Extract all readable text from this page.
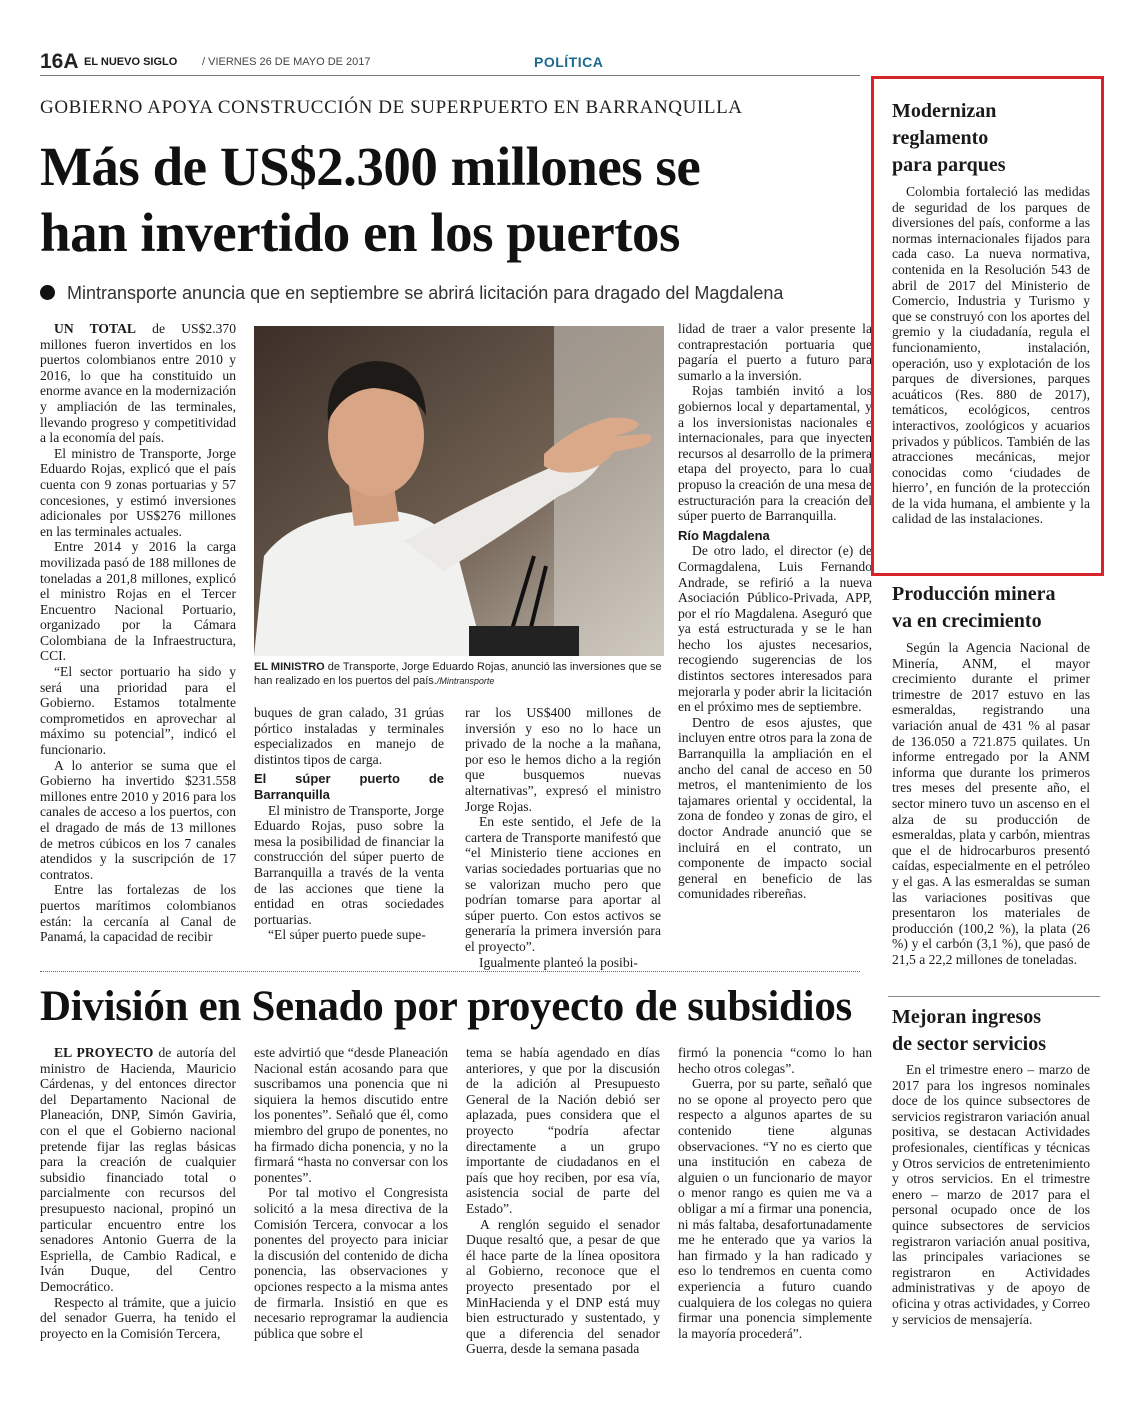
16A EL NUEVO SIGLO / VIERNES 26 DE MAYO DE 2017	POLÍTICA
GOBIERNO APOYA CONSTRUCCIÓN DE SUPERPUERTO EN BARRANQUILLA
Más de US$2.300 millones se
han invertido en los puertos
Mintransporte anuncia que en septiembre se abrirá licitación para dragado del Magdalena

UN TOTAL de US$2.370 millones fueron invertidos en los puertos colombianos entre 2010 y 2016, lo que ha constituido un enorme avance en la modernización y ampliación de las terminales, llevando progreso y competitividad a la economía del país.

El ministro de Transporte, Jorge Eduardo Rojas, explicó que el país cuenta con 9 zonas portuarias y 57 concesiones, y estimó inversiones adicionales por US$276 millones en las terminales actuales.

Entre 2014 y 2016 la carga movilizada pasó de 188 millones de toneladas a 201,8 millones, explicó el ministro Rojas en el Tercer Encuentro Nacional Portuario, organizado por la Cámara Colombiana de la Infraestructura, CCI.

“El sector portuario ha sido y será una prioridad para el Gobierno. Estamos totalmente comprometidos en aprovechar al máximo su potencial”, indicó el funcionario.

A lo anterior se suma que el Gobierno ha invertido $231.558 millones entre 2010 y 2016 para los canales de acceso a los puertos, con el dragado de más de 13 millones de metros cúbicos en los 7 canales atendidos y la suscripción de 17 contratos.

Entre las fortalezas de los puertos marítimos colombianos están: la cercanía al Canal de Panamá, la capacidad de recibir

EL MINISTRO de Transporte, Jorge Eduardo Rojas, anunció las inversiones que se han realizado en los puertos del país./Mintransporte

buques de gran calado, 31 grúas pórtico instaladas y terminales especializados en manejo de distintos tipos de carga.

El súper puerto de Barranquilla

El ministro de Transporte, Jorge Eduardo Rojas, puso sobre la mesa la posibilidad de financiar la construcción del súper puerto de Barranquilla a través de la venta de las acciones que tiene la entidad en otras sociedades portuarias.

“El súper puerto puede supe-

rar los US$400 millones de inversión y eso no lo hace un privado de la noche a la mañana, por eso le hemos dicho a la región que busquemos nuevas alternativas”, expresó el ministro Jorge Rojas.

En este sentido, el Jefe de la cartera de Transporte manifestó que “el Ministerio tiene acciones en varias sociedades portuarias que no se valorizan mucho pero que podrían tomarse para aportar al súper puerto. Con estos activos se generaría la primera inversión para el proyecto”.

Igualmente planteó la posibi-

lidad de traer a valor presente la contraprestación portuaria que pagaría el puerto a futuro para sumarlo a la inversión.

Rojas también invitó a los gobiernos local y departamental, y a los inversionistas nacionales e internacionales, para que inyecten recursos al desarrollo de la primera etapa del proyecto, para lo cual propuso la creación de una mesa de estructuración para la creación del súper puerto de Barranquilla.

Río Magdalena

De otro lado, el director (e) de Cormagdalena, Luis Fernando Andrade, se refirió a la nueva Asociación Público-Privada, APP, por el río Magdalena. Aseguró que ya está estructurada y se le han hecho los ajustes necesarios, recogiendo sugerencias de los distintos sectores interesados para mejorarla y poder abrir la licitación en el próximo mes de septiembre.

Dentro de esos ajustes, que incluyen entre otros para la zona de Barranquilla la ampliación en el ancho del canal de acceso en 50 metros, el mantenimiento de los tajamares oriental y occidental, la zona de fondeo y zonas de giro, el doctor Andrade anunció que se incluirá en el contrato, un componente de impacto social general en beneficio de las comunidades ribereñas.

División en Senado por proyecto de subsidios

EL PROYECTO de autoría del ministro de Hacienda, Mauricio Cárdenas, y del entonces director del Departamento Nacional de Planeación, DNP, Simón Gaviria, con el que el Gobierno nacional pretende fijar las reglas básicas para la creación de cualquier subsidio financiado total o parcialmente con recursos del presupuesto nacional, propinó un particular encuentro entre los senadores Antonio Guerra de la Espriella, de Cambio Radical, e Iván Duque, del Centro Democrático.

Respecto al trámite, que a juicio del senador Guerra, ha tenido el proyecto en la Comisión Tercera,

este advirtió que “desde Planeación Nacional están acosando para que suscribamos una ponencia que ni siquiera la hemos discutido entre los ponentes”. Señaló que él, como miembro del grupo de ponentes, no ha firmado dicha ponencia, y no la firmará “hasta no conversar con los ponentes”.

Por tal motivo el Congresista solicitó a la mesa directiva de la Comisión Tercera, convocar a los ponentes del proyecto para iniciar la discusión del contenido de dicha ponencia, las observaciones y opciones respecto a la misma antes de firmarla. Insistió en que es necesario reprogramar la audiencia pública que sobre el

tema se había agendado en días anteriores, y que por la discusión de la adición al Presupuesto General de la Nación debió ser aplazada, pues considera que el proyecto “podría afectar directamente a un grupo importante de ciudadanos en el país que hoy reciben, por esa vía, asistencia social de parte del Estado”.

A renglón seguido el senador Duque resaltó que, a pesar de que él hace parte de la línea opositora al Gobierno, reconoce que el proyecto presentado por el MinHacienda y el DNP está muy bien estructurado y sustentado, y que a diferencia del senador Guerra, desde la semana pasada

firmó la ponencia “como lo han hecho otros colegas”.

Guerra, por su parte, señaló que no se opone al proyecto pero que respecto a algunos apartes de su contenido tiene algunas observaciones. “Y no es cierto que una institución en cabeza de alguien o un funcionario de mayor o menor rango es quien me va a obligar a mí a firmar una ponencia, ni más faltaba, desafortunadamente me he enterado que ya varios la han firmado y la han radicado y eso lo tendremos en cuenta como experiencia a futuro cuando cualquiera de los colegas no quiera firmar una ponencia simplemente la mayoría procederá”.

Modernizan
reglamento
para parques

Colombia fortaleció las medidas de seguridad de los parques de diversiones del país, conforme a las normas internacionales fijados para cada caso. La nueva normativa, contenida en la Resolución 543 de abril de 2017 del Ministerio de Comercio, Industria y Turismo y que se construyó con los aportes del gremio y la ciudadanía, regula el funcionamiento, instalación, operación, uso y explotación de los parques de diversiones, parques acuáticos (Res. 880 de 2017), temáticos, ecológicos, centros interactivos, zoológicos y acuarios privados y públicos. También de las atracciones mecánicas, mejor conocidas como ‘ciudades de hierro’, en función de la protección de la vida humana, el ambiente y la calidad de las instalaciones.

Producción minera
va en crecimiento

Según la Agencia Nacional de Minería, ANM, el mayor crecimiento durante el primer trimestre de 2017 estuvo en las esmeraldas, registrando una variación anual de 431 % al pasar de 136.050 a 721.875 quilates. Un informe entregado por la ANM informa que durante los primeros tres meses del presente año, el sector minero tuvo un ascenso en el alza de su producción de esmeraldas, plata y carbón, mientras que el de hidrocarburos presentó caídas, especialmente en el petróleo y el gas. A las esmeraldas se suman las variaciones positivas que presentaron los materiales de producción (100,2 %), la plata (26 %) y el carbón (3,1 %), que pasó de 21,5 a 22,2 millones de toneladas.

Mejoran ingresos
de sector servicios

En el trimestre enero – marzo de 2017 para los ingresos nominales doce de los quince subsectores de servicios registraron variación anual positiva, se destacan Actividades profesionales, científicas y técnicas y Otros servicios de entretenimiento y otros servicios. En el trimestre enero – marzo de 2017 para el personal ocupado once de los quince subsectores de servicios registraron variación anual positiva, las principales variaciones se registraron en Actividades administrativas y de apoyo de oficina y otras actividades, y Correo y servicios de mensajería.
